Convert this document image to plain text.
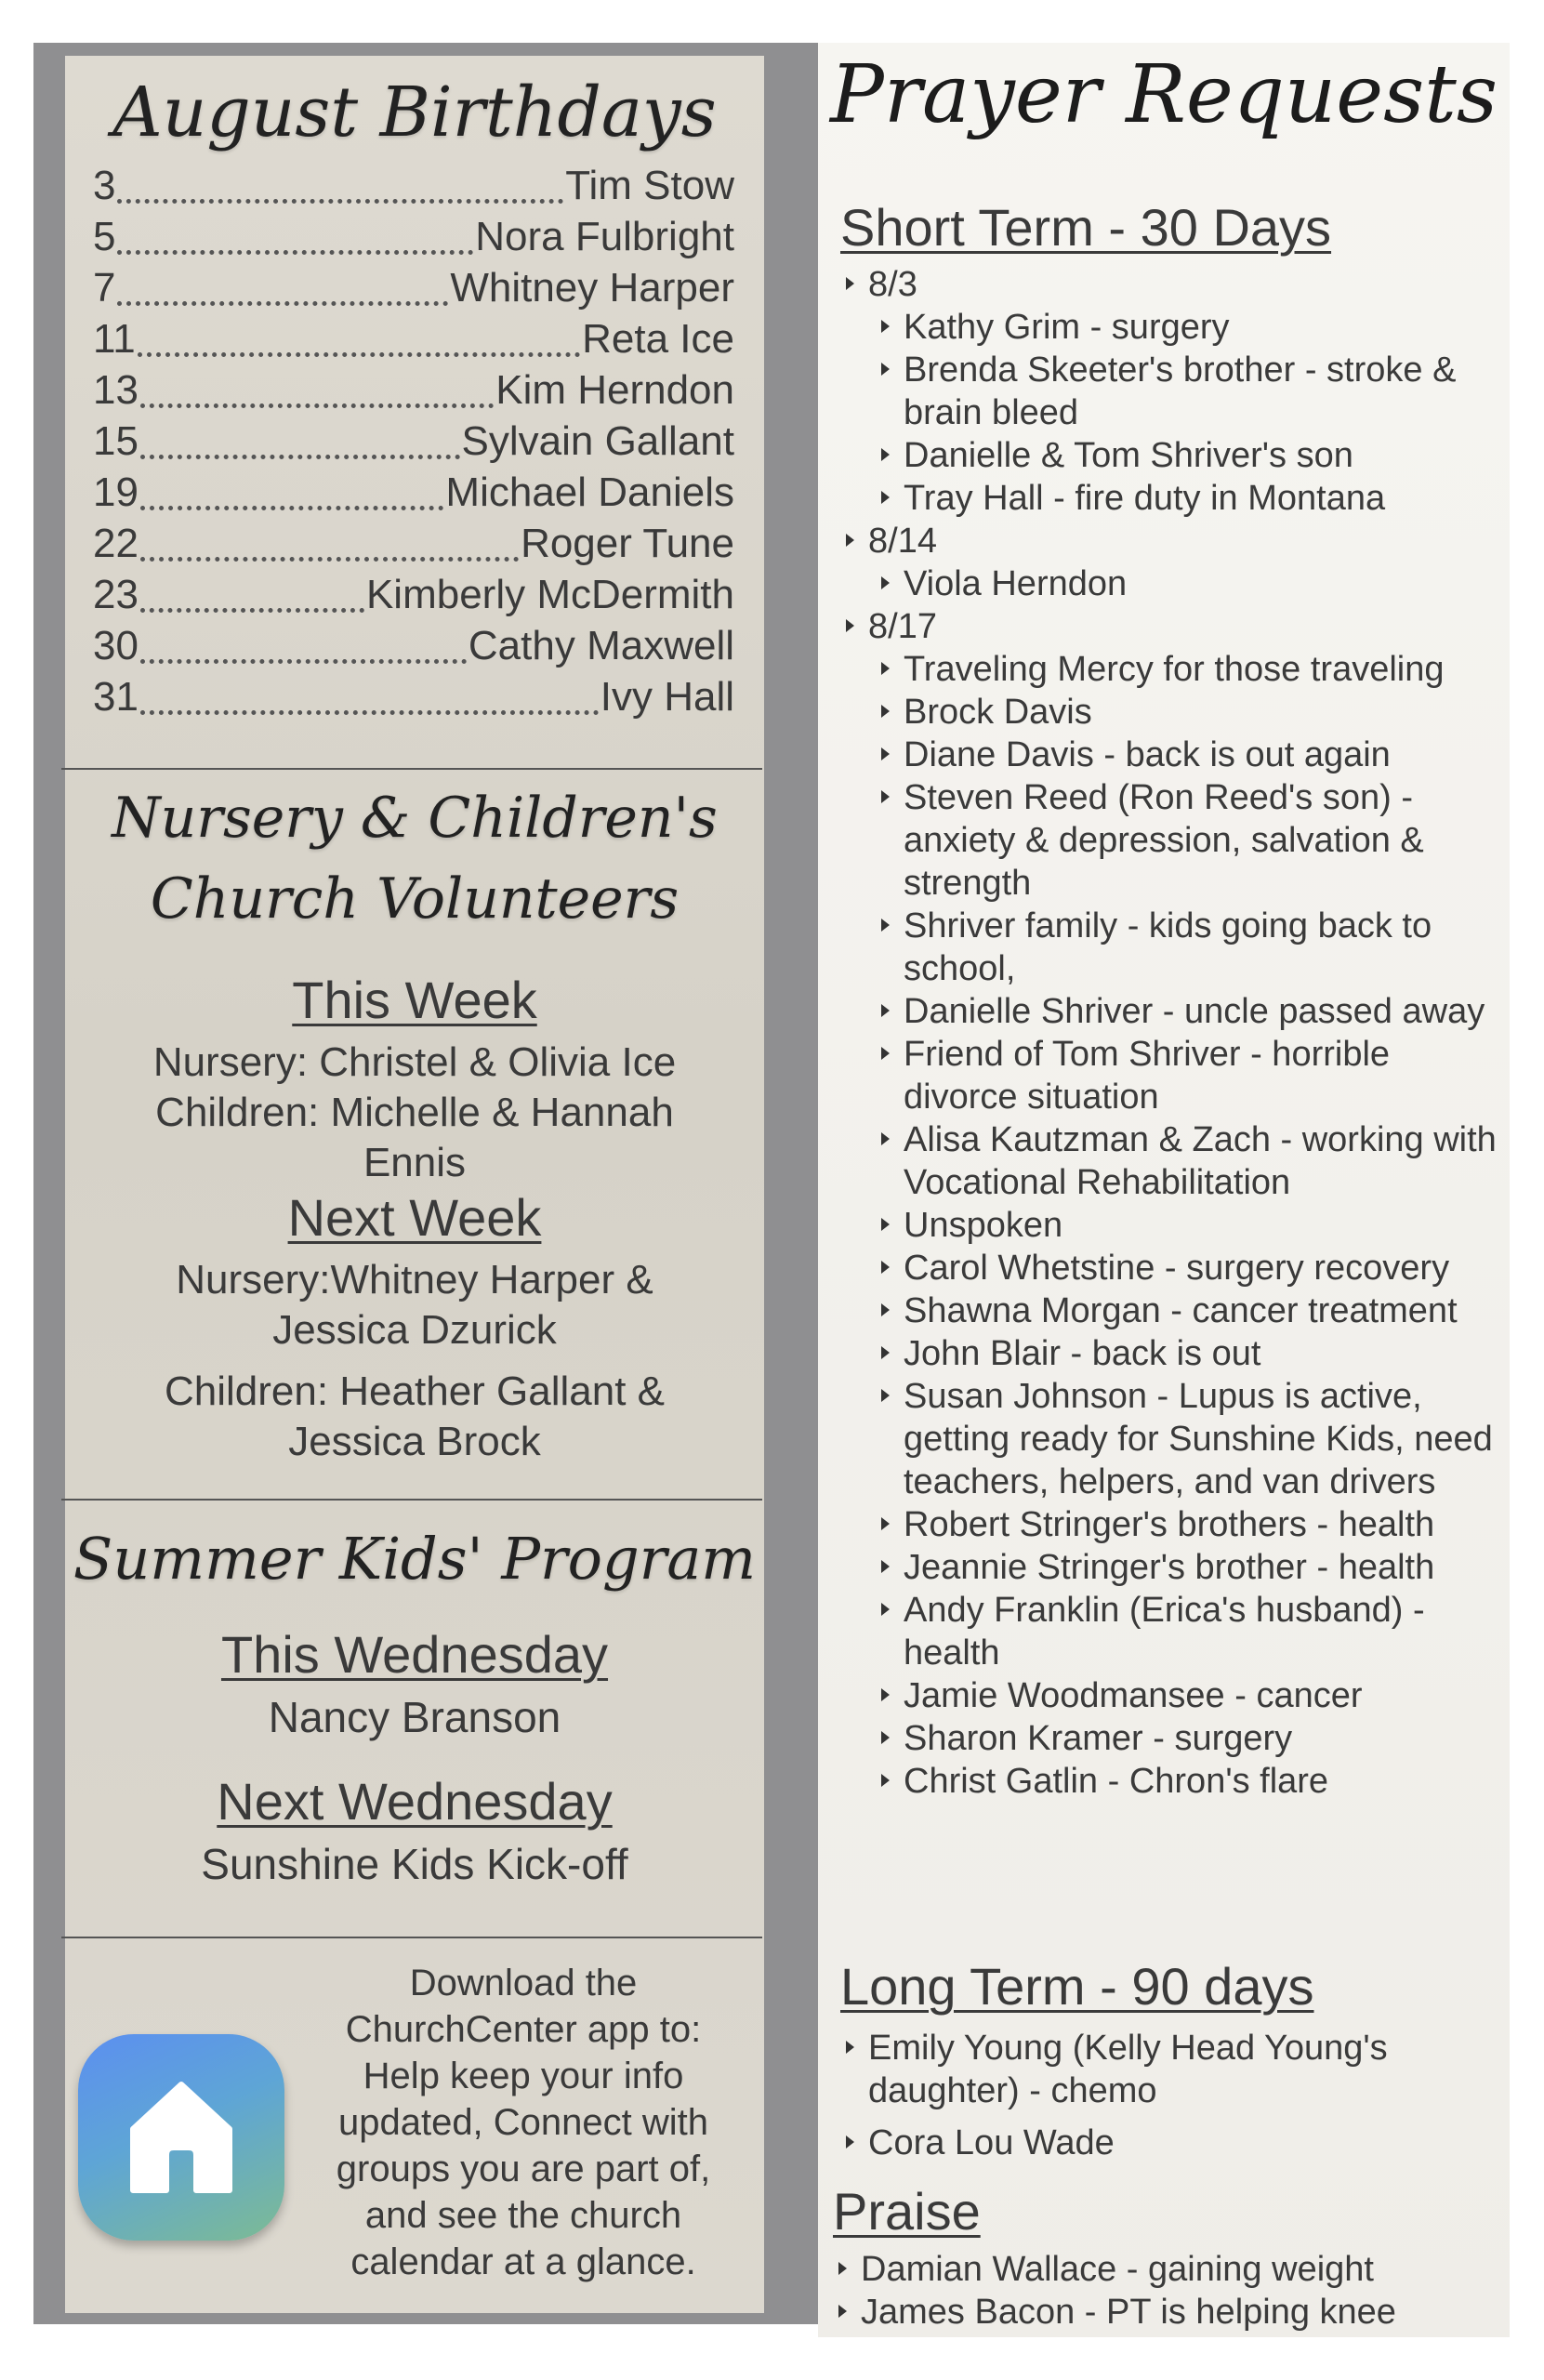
August Birthdays
3	Tim Stow
5	Nora Fulbright
7	Whitney Harper
11	Reta Ice
13	Kim Herndon
15	Sylvain Gallant
19	Michael Daniels
22	Roger Tune
23	Kimberly McDermith
30	Cathy Maxwell
31	Ivy Hall
Nursery & Children's
Church Volunteers
This Week
Nursery: Christel & Olivia Ice
Children: Michelle & Hannah
Ennis
Next Week
Nursery:Whitney Harper &
Jessica Dzurick
Children: Heather Gallant &
Jessica Brock
Summer Kids' Program
This Wednesday
Nancy Branson
Next Wednesday
Sunshine Kids Kick-off
Download the
ChurchCenter app to:
Help keep your info
updated, Connect with
groups you are part of,
and see the church
calendar at a glance.
Prayer Requests
Short Term - 30 Days
8/3
Kathy Grim - surgery
Brenda Skeeter's brother - stroke & brain bleed
Danielle & Tom Shriver's son
Tray Hall - fire duty in Montana
8/14
Viola Herndon
8/17
Traveling Mercy for those traveling
Brock Davis
Diane Davis - back is out again
Steven Reed (Ron Reed's son) - anxiety & depression, salvation & strength
Shriver family - kids going back to school,
Danielle Shriver - uncle passed away
Friend of Tom Shriver - horrible divorce situation
Alisa Kautzman & Zach - working with Vocational Rehabilitation
Unspoken
Carol Whetstine - surgery recovery
Shawna Morgan - cancer treatment
John Blair - back is out
Susan Johnson - Lupus is active, getting ready for Sunshine Kids, need teachers, helpers, and van drivers
Robert Stringer's brothers - health
Jeannie Stringer's brother - health
Andy Franklin (Erica's husband) - health
Jamie Woodmansee - cancer
Sharon Kramer - surgery
Christ Gatlin - Chron's flare
Long Term - 90 days
Emily Young (Kelly Head Young's daughter) - chemo
Cora Lou Wade
Praise
Damian Wallace - gaining weight
James Bacon - PT is helping knee
